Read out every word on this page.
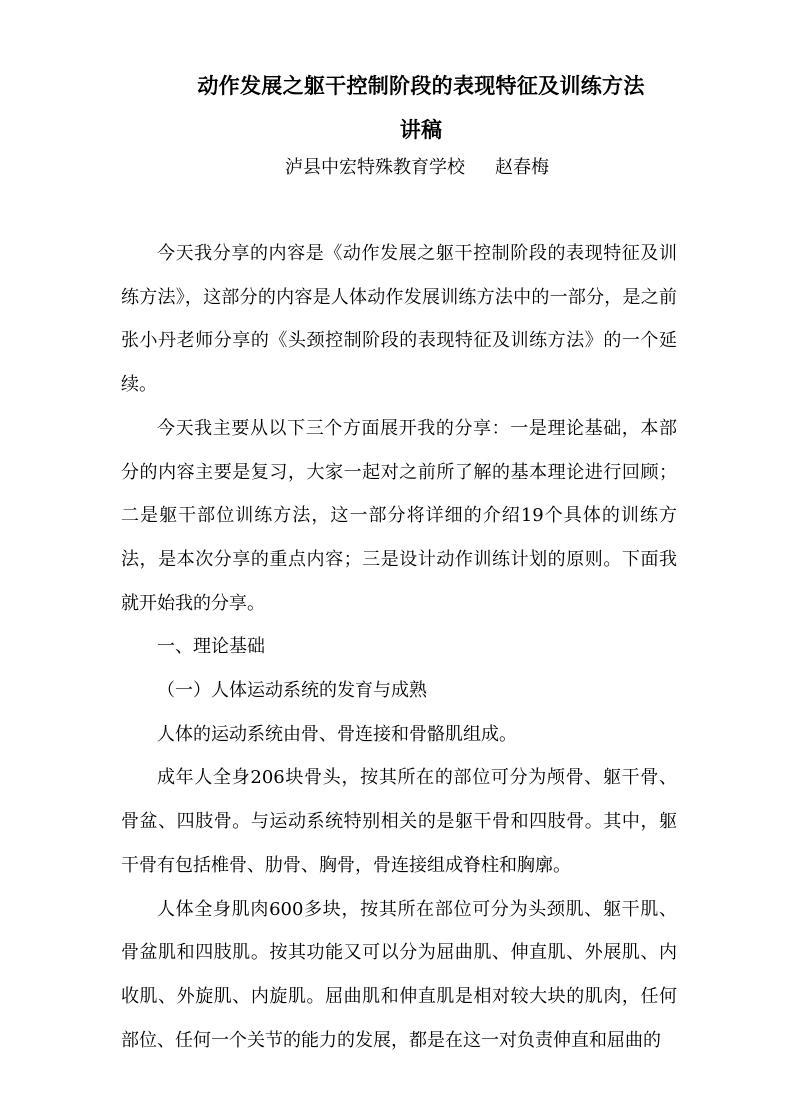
动作发展之躯干控制阶段的表现特征及训练方法
讲稿
泸县中宏特殊教育学校 赵春梅

今天我分享的内容是《动作发展之躯干控制阶段的表现特征及训练方法》，这部分的内容是人体动作发展训练方法中的一部分，是之前张小丹老师分享的《头颈控制阶段的表现特征及训练方法》的一个延续。

今天我主要从以下三个方面展开我的分享：一是理论基础，本部分的内容主要是复习，大家一起对之前所了解的基本理论进行回顾；二是躯干部位训练方法，这一部分将详细的介绍19个具体的训练方法，是本次分享的重点内容；三是设计动作训练计划的原则。下面我就开始我的分享。

一、理论基础

（一）人体运动系统的发育与成熟

人体的运动系统由骨、骨连接和骨骼肌组成。

成年人全身206块骨头，按其所在的部位可分为颅骨、躯干骨、骨盆、四肢骨。与运动系统特别相关的是躯干骨和四肢骨。其中，躯干骨有包括椎骨、肋骨、胸骨，骨连接组成脊柱和胸廓。

人体全身肌肉600多块，按其所在部位可分为头颈肌、躯干肌、骨盆肌和四肢肌。按其功能又可以分为屈曲肌、伸直肌、外展肌、内收肌、外旋肌、内旋肌。屈曲肌和伸直肌是相对较大块的肌肉，任何部位、任何一个关节的能力的发展，都是在这一对负责伸直和屈曲的
